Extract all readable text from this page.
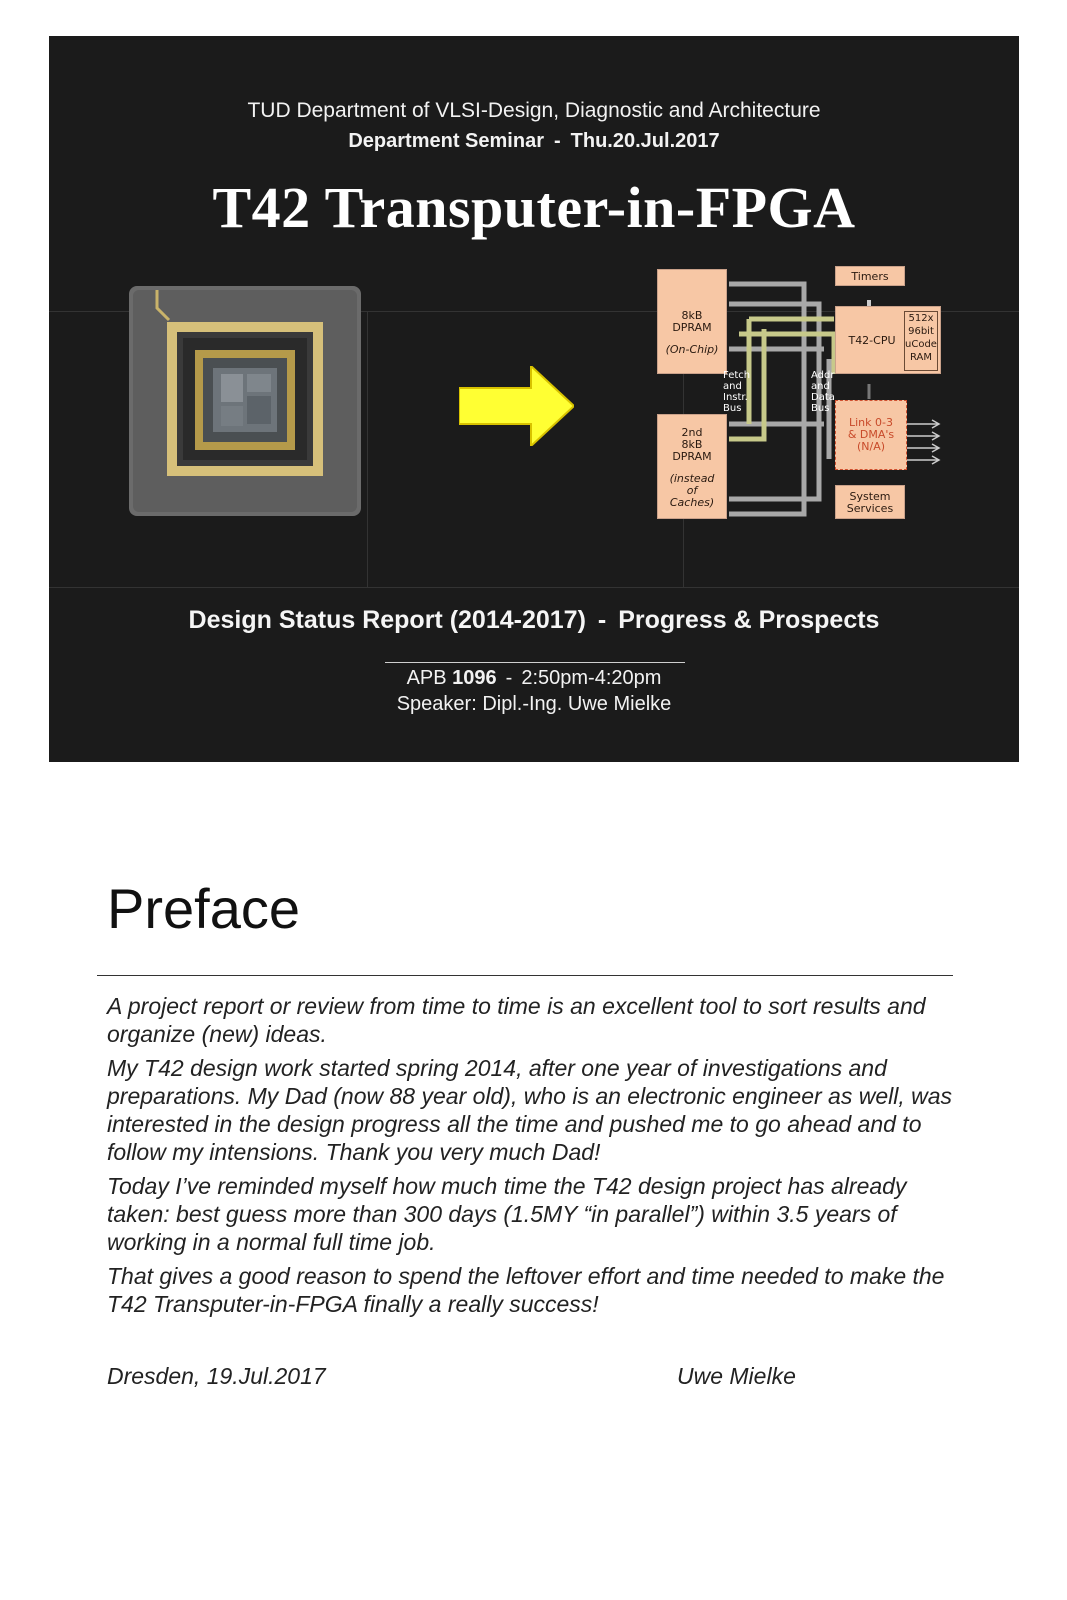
TUD Department of VLSI-Design, Diagnostic and Architecture
Department Seminar - Thu.20.Jul.2017
T42 Transputer-in-FPGA
8kB
DPRAM
(On-Chip)
2nd
8kB
DPRAM
(instead
of
Caches)
Timers
T42-CPU
512x
96bit
uCode
RAM
Link 0-3
& DMA's
(N/A)
System
Services
Fetch
and
Instr.
Bus
Addr
and
Data
Bus
Design Status Report (2014-2017) - Progress & Prospects
APB 1096 - 2:50pm-4:20pm
Speaker: Dipl.-Ing. Uwe Mielke
Preface

A project report or review from time to time is an excellent tool to sort results and organize (new) ideas.

My T42 design work started spring 2014, after one year of investigations and preparations. My Dad (now 88 year old), who is an electronic engineer as well, was interested in the design progress all the time and pushed me to go ahead and to follow my intensions. Thank you very much Dad!

Today I’ve reminded myself how much time the T42 design project has already taken: best guess more than 300 days (1.5MY “in parallel”) within 3.5 years of working in a normal full time job.

That gives a good reason to spend the leftover effort and time needed to make the T42 Transputer-in-FPGA finally a really success!

Dresden, 19.Jul.2017	Uwe Mielke
